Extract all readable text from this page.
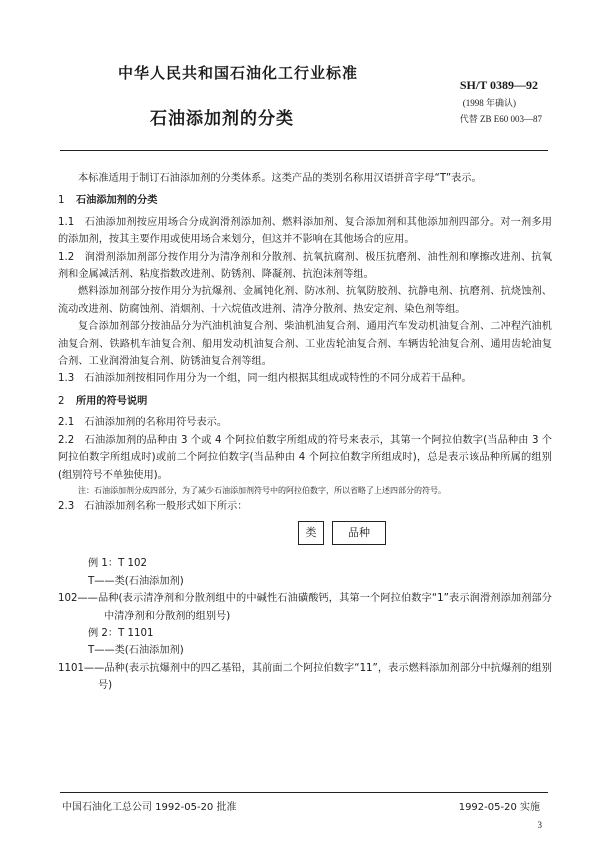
中华人民共和国石油化工行业标准
SH/T 0389—92
(1998 年确认)
代替 ZB E60 003—87
石油添加剂的分类

本标准适用于制订石油添加剂的分类体系。这类产品的类别名称用汉语拼音字母“T”表示。

1 石油添加剂的分类

1.1　石油添加剂按应用场合分成润滑剂添加剂、燃料添加剂、复合添加剂和其他添加剂四部分。对一剂多用的添加剂，按其主要作用或使用场合来划分，但这并不影响在其他场合的应用。

1.2　润滑剂添加剂部分按作用分为清净剂和分散剂、抗氧抗腐剂、极压抗磨剂、油性剂和摩擦改进剂、抗氧剂和金属减活剂、粘度指数改进剂、防锈剂、降凝剂、抗泡沫剂等组。

燃料添加剂部分按作用分为抗爆剂、金属钝化剂、防冰剂、抗氧防胶剂、抗静电剂、抗磨剂、抗烧蚀剂、流动改进剂、防腐蚀剂、消烟剂、十六烷值改进剂、清净分散剂、热安定剂、染色剂等组。

复合添加剂部分按油品分为汽油机油复合剂、柴油机油复合剂、通用汽车发动机油复合剂、二冲程汽油机油复合剂、铁路机车油复合剂、船用发动机油复合剂、工业齿轮油复合剂、车辆齿轮油复合剂、通用齿轮油复合剂、工业润滑油复合剂、防锈油复合剂等组。

1.3　石油添加剂按相同作用分为一个组，同一组内根据其组成或特性的不同分成若干品种。

2 所用的符号说明

2.1　石油添加剂的名称用符号表示。

2.2　石油添加剂的品种由 3 个或 4 个阿拉伯数字所组成的符号来表示，其第一个阿拉伯数字(当品种由 3 个阿拉伯数字所组成时)或前二个阿拉伯数字(当品种由 4 个阿拉伯数字所组成时)，总是表示该品种所属的组别(组别符号不单独使用)。

注：石油添加剂分成四部分，为了减少石油添加剂符号中的阿拉伯数字，所以省略了上述四部分的符号。

2.3　石油添加剂名称一般形式如下所示：

类	品种

例 1：T 102

T——类(石油添加剂)

102——品种(表示清净剂和分散剂组中的中碱性石油磺酸钙，其第一个阿拉伯数字“1”表示润滑剂添加剂部分中清净剂和分散剂的组别号)

例 2：T 1101

T——类(石油添加剂)

1101——品种(表示抗爆剂中的四乙基铅，其前面二个阿拉伯数字“11”，表示燃料添加剂部分中抗爆剂的组别号)

中国石油化工总公司 1992-05-20 批准	1992-05-20 实施
3
